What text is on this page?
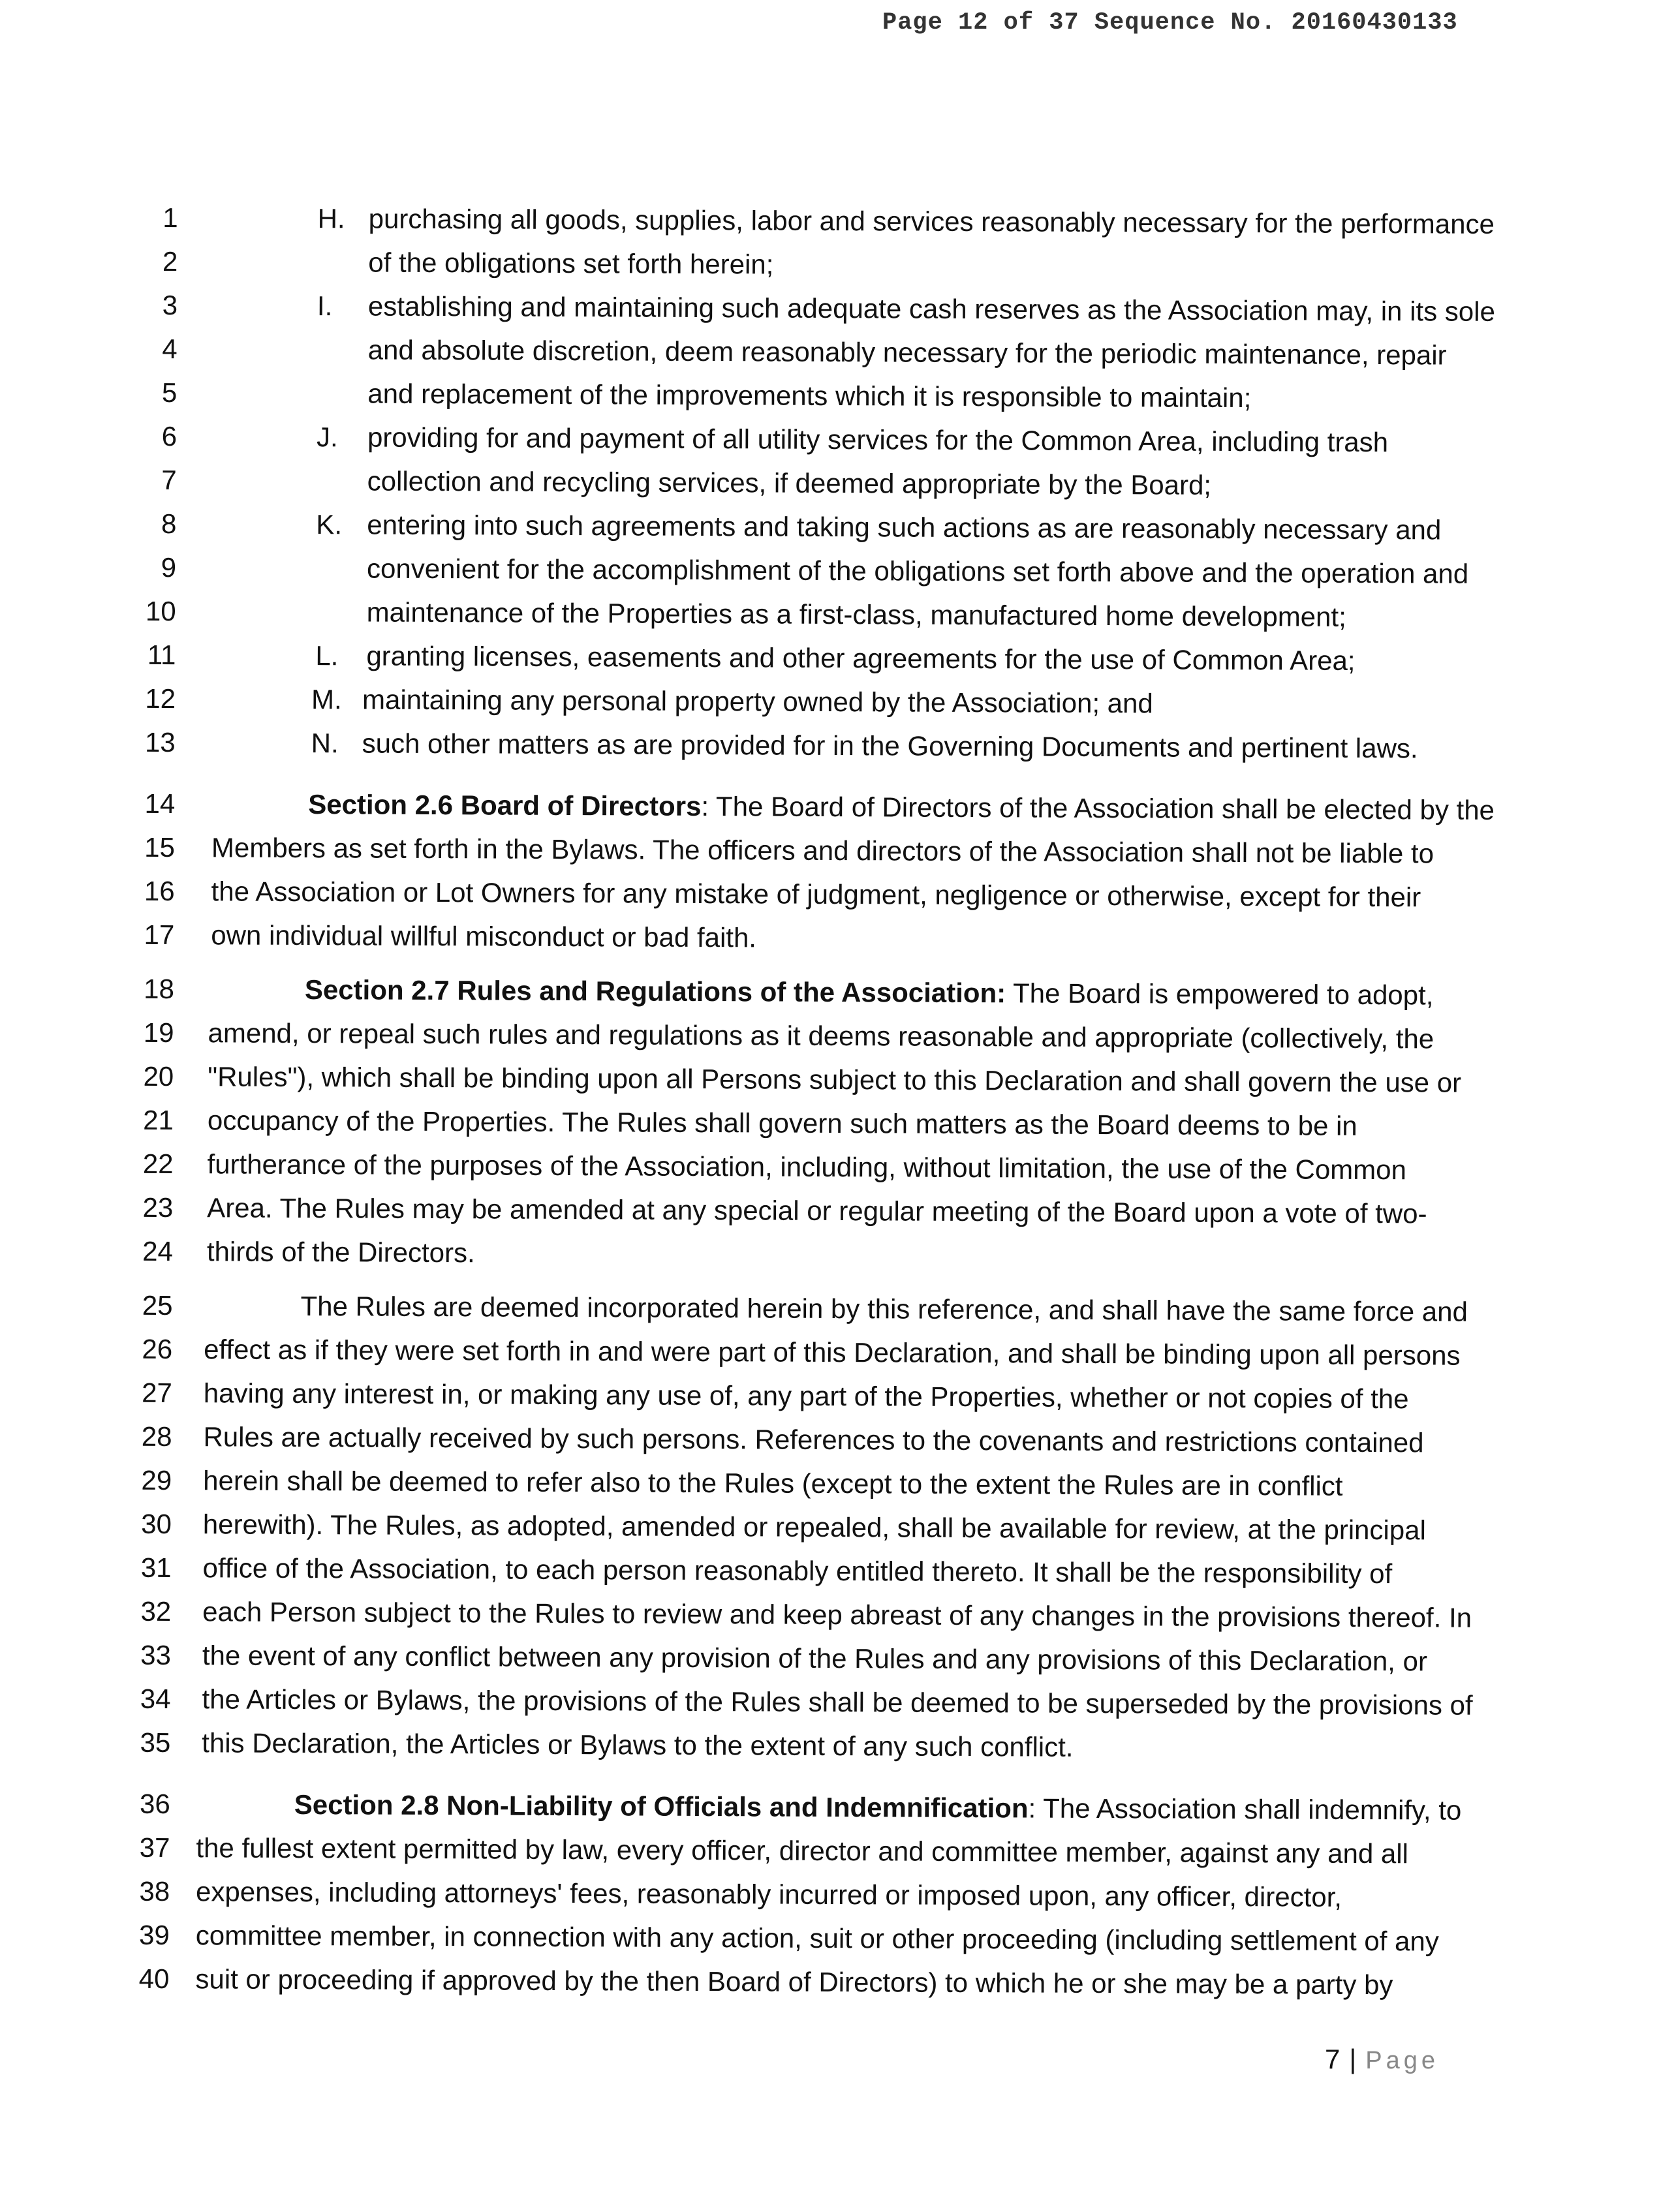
Page 12 of 37 Sequence No. 20160430133
1
2
3
4
5
6
7
8
9
10
11
12
13
14
15
16
17
18
19
20
21
22
23
24
25
26
27
28
29
30
31
32
33
34
35
36
37
38
39
40
H. purchasing all goods, supplies, labor and services reasonably necessary for the performance
of the obligations set forth herein;
I. establishing and maintaining such adequate cash reserves as the Association may, in its sole
and absolute discretion, deem reasonably necessary for the periodic maintenance, repair
and replacement of the improvements which it is responsible to maintain;
J. providing for and payment of all utility services for the Common Area, including trash
collection and recycling services, if deemed appropriate by the Board;
K. entering into such agreements and taking such actions as are reasonably necessary and
convenient for the accomplishment of the obligations set forth above and the operation and
maintenance of the Properties as a first-class, manufactured home development;
L. granting licenses, easements and other agreements for the use of Common Area;
M. maintaining any personal property owned by the Association; and
N. such other matters as are provided for in the Governing Documents and pertinent laws.
Section 2.6 Board of Directors: The Board of Directors of the Association shall be elected by the
Members as set forth in the Bylaws. The officers and directors of the Association shall not be liable to
the Association or Lot Owners for any mistake of judgment, negligence or otherwise, except for their
own individual willful misconduct or bad faith.
Section 2.7 Rules and Regulations of the Association: The Board is empowered to adopt,
amend, or repeal such rules and regulations as it deems reasonable and appropriate (collectively, the
"Rules"), which shall be binding upon all Persons subject to this Declaration and shall govern the use or
occupancy of the Properties. The Rules shall govern such matters as the Board deems to be in
furtherance of the purposes of the Association, including, without limitation, the use of the Common
Area. The Rules may be amended at any special or regular meeting of the Board upon a vote of two-
thirds of the Directors.
The Rules are deemed incorporated herein by this reference, and shall have the same force and
effect as if they were set forth in and were part of this Declaration, and shall be binding upon all persons
having any interest in, or making any use of, any part of the Properties, whether or not copies of the
Rules are actually received by such persons. References to the covenants and restrictions contained
herein shall be deemed to refer also to the Rules (except to the extent the Rules are in conflict
herewith). The Rules, as adopted, amended or repealed, shall be available for review, at the principal
office of the Association, to each person reasonably entitled thereto. It shall be the responsibility of
each Person subject to the Rules to review and keep abreast of any changes in the provisions thereof. In
the event of any conflict between any provision of the Rules and any provisions of this Declaration, or
the Articles or Bylaws, the provisions of the Rules shall be deemed to be superseded by the provisions of
this Declaration, the Articles or Bylaws to the extent of any such conflict.
Section 2.8 Non-Liability of Officials and Indemnification: The Association shall indemnify, to
the fullest extent permitted by law, every officer, director and committee member, against any and all
expenses, including attorneys' fees, reasonably incurred or imposed upon, any officer, director,
committee member, in connection with any action, suit or other proceeding (including settlement of any
suit or proceeding if approved by the then Board of Directors) to which he or she may be a party by
7 | Page
